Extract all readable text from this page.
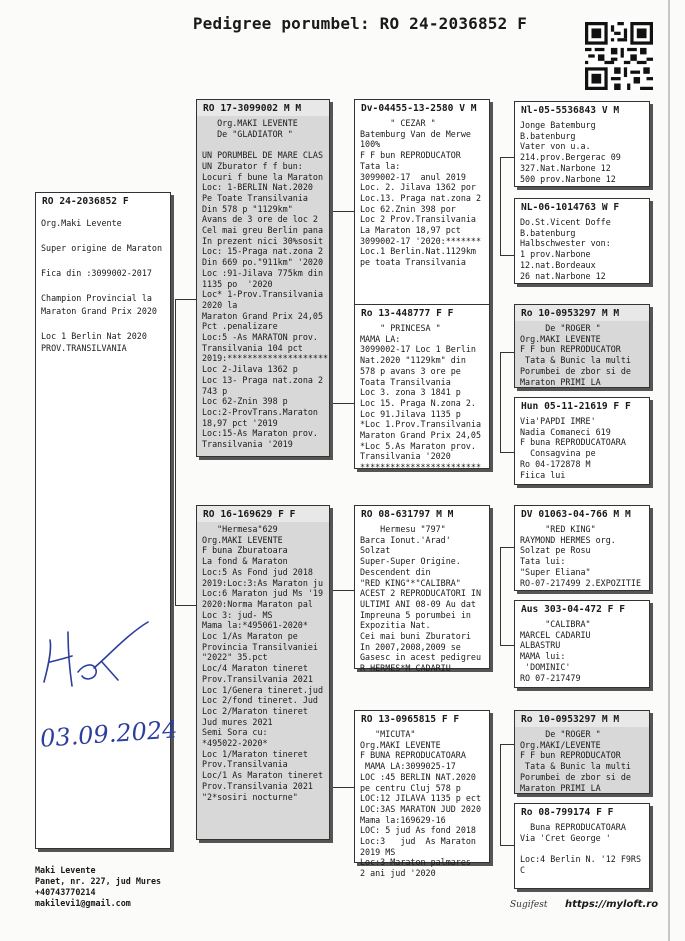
Pedigree porumbel: RO 24-2036852 F
RO 24-2036852 F
Org.Maki Levente

Super origine de Maraton

Fica din :3099002-2017

Champion Provincial la
Maraton Grand Prix 2020

Loc 1 Berlin Nat 2020
PROV.TRANSILVANIA
RO 17-3099002 M M
Org.MAKI LEVENTE
De "GLADIATOR "

UN PORUMBEL DE MARE CLAS
UN Zburator f f bun:
Locuri f bune la Maraton
Loc: 1-BERLIN Nat.2020
Pe Toate Transilvania
Din 578 p "1129km"
Avans de 3 ore de loc 2
Cel mai greu Berlin pana
In prezent nici 30%sosit
Loc: 15-Praga nat.zona 2
Din 669 po."911km" '2020
Loc :91-Jilava 775km din
1135 po  '2020
Loc* 1-Prov.Transilvania
2020 la
Maraton Grand Prix 24,05
Pct .penalizare
Loc:5 -As MARATON prov.
Transilvania 104 pct
2019:********************
Loc 2-Jilava 1362 p
Loc 13- Praga nat.zona 2
743 p
Loc 62-Znin 398 p
Loc:2-ProvTrans.Maraton
18,97 pct '2019
Loc:15-As Maraton prov.
Transilvania '2019
RO 16-169629 F F
"Hermesa"629
Org.MAKI LEVENTE
F buna Zburatoara
La fond & Maraton
Loc:5 As Fond jud 2018
2019:Loc:3:As Maraton ju
Loc:6 Maraton jud Ms '19
2020:Norma Maraton pal
Loc 3: jud- MS
Mama la:*495061-2020*
Loc 1/As Maraton pe
Provincia Transilvaniei
"2022" 35.pct
Loc/4 Maraton tineret
Prov.Transilvania 2021
Loc 1/Genera tineret.jud
Loc 2/fond tineret. Jud
Loc 2/Maraton tineret
Jud mures 2021
Semi Sora cu:
*495022-2020*
Loc 1/Maraton tineret
Prov.Transilvania
Loc/1 As Maraton tineret
Prov.Transilvania 2021
"2*sosiri nocturne"
Dv-04455-13-2580 V M
" CEZAR "
Batemburg Van de Merwe
100%
F F bun REPRODUCATOR
Tata la:
3099002-17  anul 2019
Loc. 2. Jilava 1362 por
Loc.13. Praga nat.zona 2
Loc 62.Znin 398 por
Loc 2 Prov.Transilvania
La Maraton 18,97 pct
3099002-17 '2020:*******
Loc.1 Berlin.Nat.1129km
pe toata Transilvania
Ro 13-448777 F F
" PRINCESA "
MAMA LA:
3099002-17 Loc 1 Berlin
Nat.2020 "1129km" din
578 p avans 3 ore pe
Toata Transilvania
Loc 3. zona 3 1841 p
Loc 15. Praga N.zona 2.
Loc 91.Jilava 1135 p
*Loc 1.Prov.Transilvania
Maraton Grand Prix 24,05
*Loc 5.As Maraton prov.
Transilvania '2020
************************
RO 08-631797 M M
Hermesu "797"
Barca Ionut.'Arad'
Solzat
Super-Super Origine.
Descendent din
"RED KING"*"CALIBRA"
ACEST 2 REPRODUCATORI IN
ULTIMI ANI 08-09 Au dat
Impreuna 5 porumbei in
Expozitia Nat.
Cei mai buni Zburatori
In 2007,2008,2009 se
Gasesc in acest pedigreu
R HERMES*M CADARIU
RO 13-0965815 F F
"MICUTA"
Org.MAKI LEVENTE
F BUNA REPRODUCATOARA
MAMA LA:3099025-17
LOC :45 BERLIN NAT.2020
pe centru Cluj 578 p
LOC:12 JILAVA 1135 p ect
LOC:3AS MARATON JUD 2020
Mama la:169629-16
LOC: 5 jud As fond 2018
Loc:3   jud  As Maraton
2019 MS
Loc:3 Maraton palmares
2 ani jud '2020
Nl-05-5536843 V M
Jonge Batemburg
B.batenburg
Vater von u.a.
214.prov.Bergerac 09
327.Nat.Narbone 12
500 prov.Narbone 12
NL-06-1014763 W F
Do.St.Vicent Doffe
B.batenburg
Halbschwester von:
1 prov.Narbone
12.nat.Bordeaux
26 nat.Narbone 12
Ro 10-0953297 M M
De "ROGER "
Org.MAKI LEVENTE
F F bun REPRODUCATOR
Tata & Bunic la multi
Porumbei de zbor si de
Maraton PRIMI LA
Hun 05-11-21619 F F
Via'PAPDI IMRE'
Nadia Comaneci 619
F buna REPRODUCATOARA
Consagvina pe
Ro 04-172878 M
Fiica lui
DV 01063-04-766 M M
"RED KING"
RAYMOND HERMES org.
Solzat pe Rosu
Tata lui:
"Super Eliana"
RO-07-217499 2.EXPOZITIE
Aus 303-04-472 F F
"CALIBRA"
MARCEL CADARIU
ALBASTRU
MAMA lui:
'DOMINIC'
RO 07-217479
Ro 10-0953297 M M
De "ROGER "
Org.MAKI/LEVENTE
F F bun REPRODUCATOR
Tata & Bunic la multi
Porumbei de zbor si de
Maraton PRIMI LA
Ro 08-799174 F F
Buna REPRODUCATOARA
Via 'Cret George '

Loc:4 Berlin N. '12 F9RS
C
03.09.2024
Maki Levente
Panet, nr. 227, jud Mures
+40743770214
makilevi1@gmail.com	Sugifest https://myloft.ro
